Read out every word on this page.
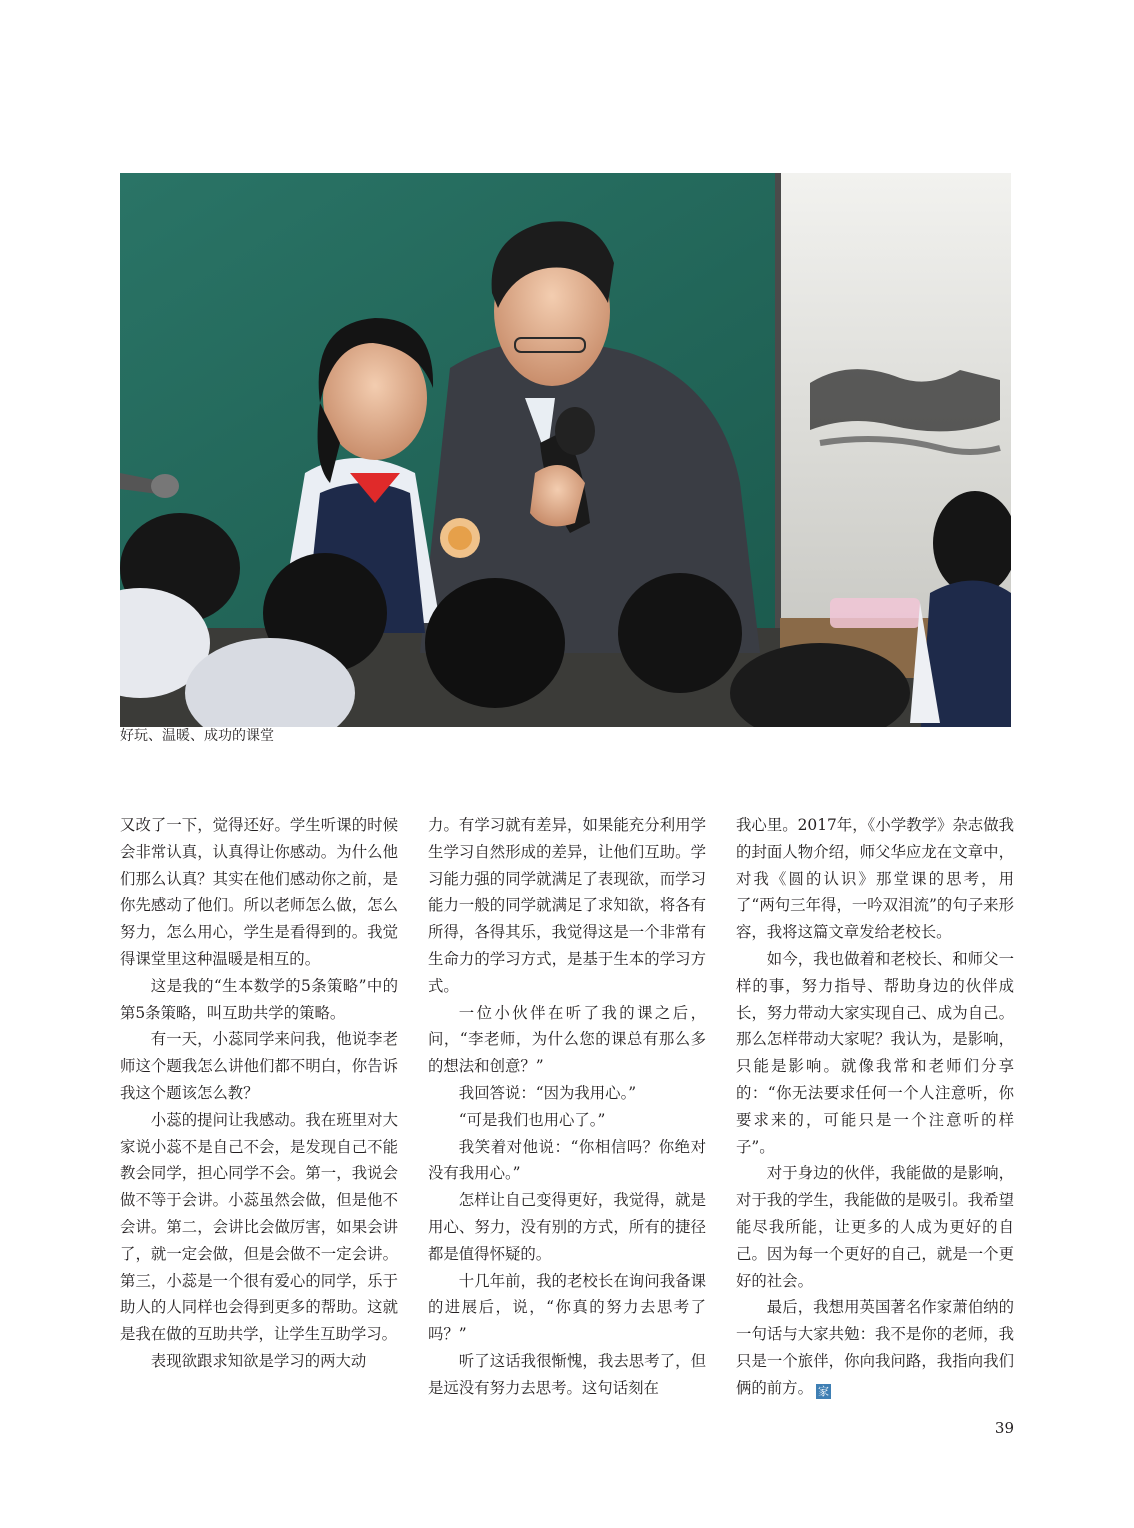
好玩、温暖、成功的课堂

又改了一下，觉得还好。学生听课的时候会非常认真，认真得让你感动。为什么他们那么认真？其实在他们感动你之前，是你先感动了他们。所以老师怎么做，怎么努力，怎么用心，学生是看得到的。我觉得课堂里这种温暖是相互的。

这是我的“生本数学的5条策略”中的第5条策略，叫互助共学的策略。

有一天，小蕊同学来问我，他说李老师这个题我怎么讲他们都不明白，你告诉我这个题该怎么教？

小蕊的提问让我感动。我在班里对大家说小蕊不是自己不会，是发现自己不能教会同学，担心同学不会。第一，我说会做不等于会讲。小蕊虽然会做，但是他不会讲。第二，会讲比会做厉害，如果会讲了，就一定会做，但是会做不一定会讲。第三，小蕊是一个很有爱心的同学，乐于助人的人同样也会得到更多的帮助。这就是我在做的互助共学，让学生互助学习。

表现欲跟求知欲是学习的两大动

力。有学习就有差异，如果能充分利用学生学习自然形成的差异，让他们互助。学习能力强的同学就满足了表现欲，而学习能力一般的同学就满足了求知欲，将各有所得，各得其乐，我觉得这是一个非常有生命力的学习方式，是基于生本的学习方式。

一位小伙伴在听了我的课之后，问，“李老师，为什么您的课总有那么多的想法和创意？”

我回答说：“因为我用心。”

“可是我们也用心了。”

我笑着对他说：“你相信吗？你绝对没有我用心。”

怎样让自己变得更好，我觉得，就是用心、努力，没有别的方式，所有的捷径都是值得怀疑的。

十几年前，我的老校长在询问我备课的进展后，说，“你真的努力去思考了吗？”

听了这话我很惭愧，我去思考了，但是远没有努力去思考。这句话刻在

我心里。2017年，《小学教学》杂志做我的封面人物介绍，师父华应龙在文章中，对我《圆的认识》那堂课的思考，用了“两句三年得，一吟双泪流”的句子来形容，我将这篇文章发给老校长。

如今，我也做着和老校长、和师父一样的事，努力指导、帮助身边的伙伴成长，努力带动大家实现自己、成为自己。那么怎样带动大家呢？我认为，是影响，只能是影响。就像我常和老师们分享的：“你无法要求任何一个人注意听，你要求来的，可能只是一个注意听的样子”。

对于身边的伙伴，我能做的是影响，对于我的学生，我能做的是吸引。我希望能尽我所能，让更多的人成为更好的自己。因为每一个更好的自己，就是一个更好的社会。

最后，我想用英国著名作家萧伯纳的一句话与大家共勉：我不是你的老师，我只是一个旅伴，你向我问路，我指向我们俩的前方。 家

39
